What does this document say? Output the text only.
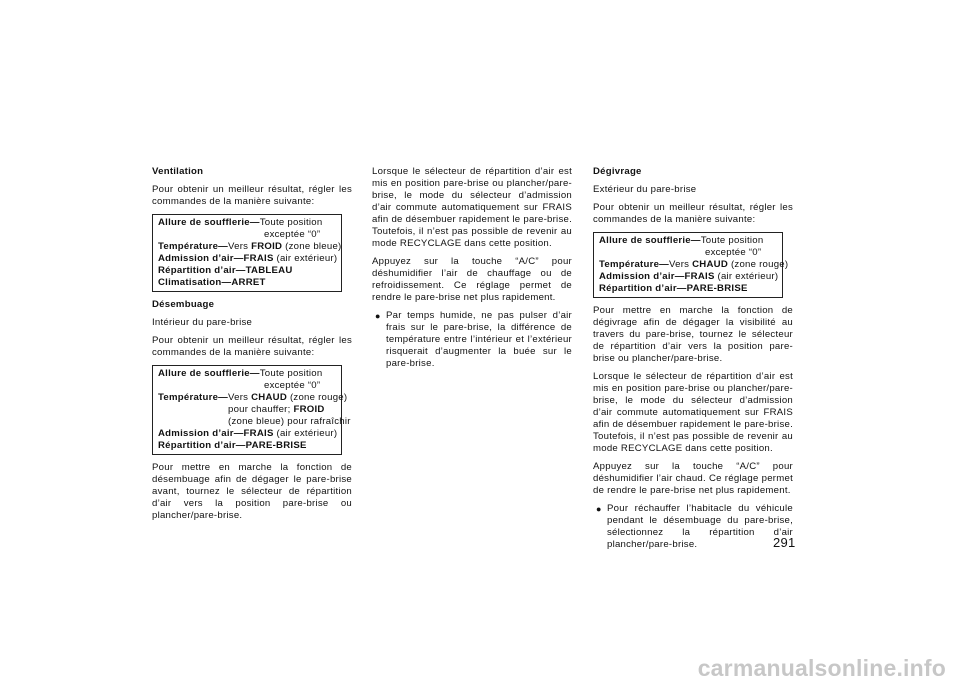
Ventilation

Pour obtenir un meilleur résultat, régler les commandes de la manière suivante:

Allure de soufflerie—Toute position
exceptée “0”
Température—Vers FROID (zone bleue)
Admission d’air—FRAIS (air extérieur)
Répartition d’air—TABLEAU
Climatisation—ARRET
Désembuage
Intérieur du pare-brise

Pour obtenir un meilleur résultat, régler les commandes de la manière suivante:

Allure de soufflerie—Toute position
exceptée “0”
Température—Vers CHAUD (zone rouge)
pour chauffer; FROID
(zone bleue) pour rafraîchir
Admission d’air—FRAIS (air extérieur)
Répartition d’air—PARE-BRISE

Pour mettre en marche la fonction de désembuage afin de dégager le pare-brise avant, tournez le sélecteur de répartition d’air vers la position pare-brise ou plancher/pare-brise.

Lorsque le sélecteur de répartition d’air est mis en position pare-brise ou plancher/pare-brise, le mode du sélecteur d’admission d’air commute automatiquement sur FRAIS afin de désembuer rapidement le pare-brise. Toutefois, il n’est pas possible de revenir au mode RECYCLAGE dans cette position.

Appuyez sur la touche “A/C” pour déshumidifier l’air de chauffage ou de refroidissement. Ce réglage permet de rendre le pare-brise net plus rapidement.

● Par temps humide, ne pas pulser d’air frais sur le pare-brise, la différence de température entre l’intérieur et l’extérieur risquerait d’augmenter la buée sur le pare-brise.
Dégivrage
Extérieur du pare-brise

Pour obtenir un meilleur résultat, régler les commandes de la manière suivante:

Allure de soufflerie—Toute position
exceptée “0”
Température—Vers CHAUD (zone rouge)
Admission d’air—FRAIS (air extérieur)
Répartition d’air—PARE-BRISE

Pour mettre en marche la fonction de dégivrage afin de dégager la visibilité au travers du pare-brise, tournez le sélecteur de répartition d’air vers la position pare-brise ou plancher/pare-brise.

Lorsque le sélecteur de répartition d’air est mis en position pare-brise ou plancher/pare-brise, le mode du sélecteur d’admission d’air commute automatiquement sur FRAIS afin de désembuer rapidement le pare-brise. Toutefois, il n’est pas possible de revenir au mode RECYCLAGE dans cette position.

Appuyez sur la touche “A/C” pour déshumidifier l’air chaud. Ce réglage permet de rendre le pare-brise net plus rapidement.

● Pour réchauffer l’habitacle du véhicule pendant le désembuage du pare-brise, sélectionnez la répartition d’air plancher/pare-brise.	291
carmanualsonline.info
